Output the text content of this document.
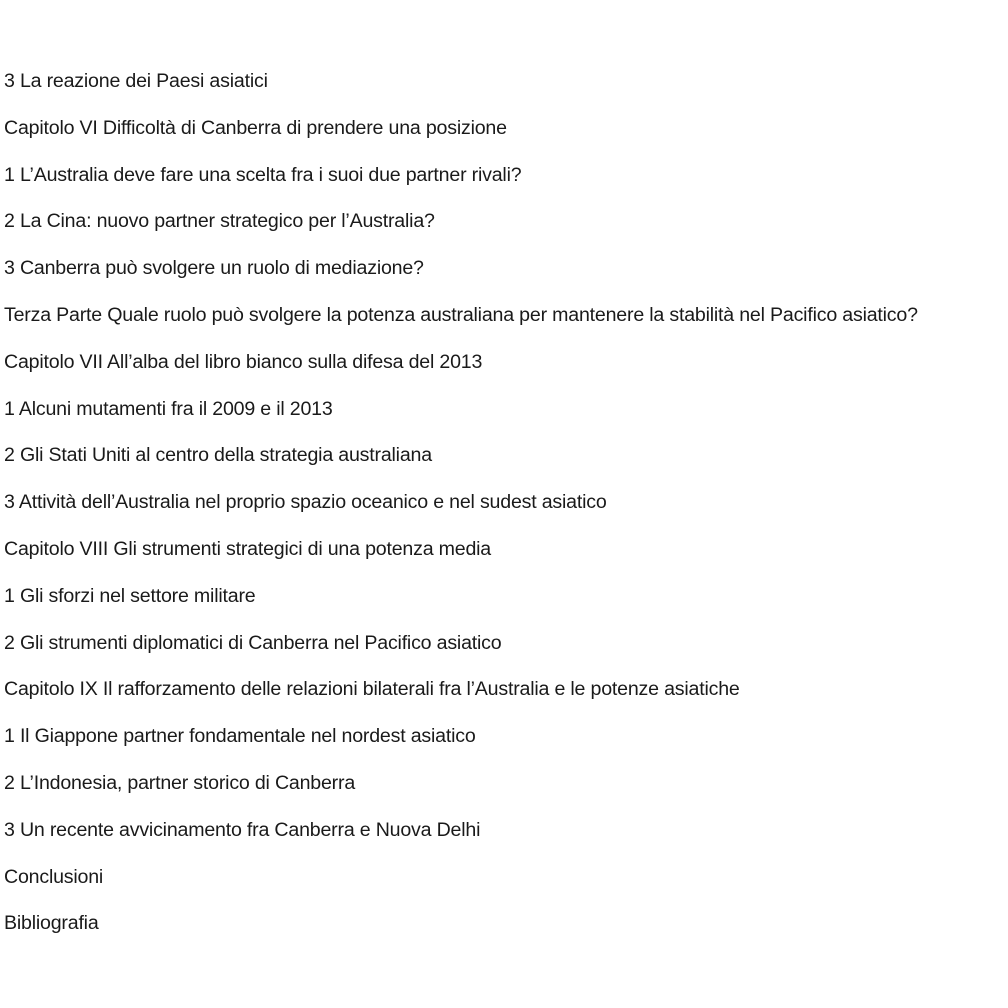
3 La reazione dei Paesi asiatici
Capitolo VI Difficoltà di Canberra di prendere una posizione
1 L’Australia deve fare una scelta fra i suoi due partner rivali?
2 La Cina: nuovo partner strategico per l’Australia?
3 Canberra può svolgere un ruolo di mediazione?
Terza Parte Quale ruolo può svolgere la potenza australiana per mantenere la stabilità nel Pacifico asiatico?
Capitolo VII All’alba del libro bianco sulla difesa del 2013
1 Alcuni mutamenti fra il 2009 e il 2013
2 Gli Stati Uniti al centro della strategia australiana
3 Attività dell’Australia nel proprio spazio oceanico e nel sudest asiatico
Capitolo VIII Gli strumenti strategici di una potenza media
1 Gli sforzi nel settore militare
2 Gli strumenti diplomatici di Canberra nel Pacifico asiatico
Capitolo IX Il rafforzamento delle relazioni bilaterali fra l’Australia e le potenze asiatiche
1 Il Giappone partner fondamentale nel nordest asiatico
2 L’Indonesia, partner storico di Canberra
3 Un recente avvicinamento fra Canberra e Nuova Delhi
Conclusioni
Bibliografia
